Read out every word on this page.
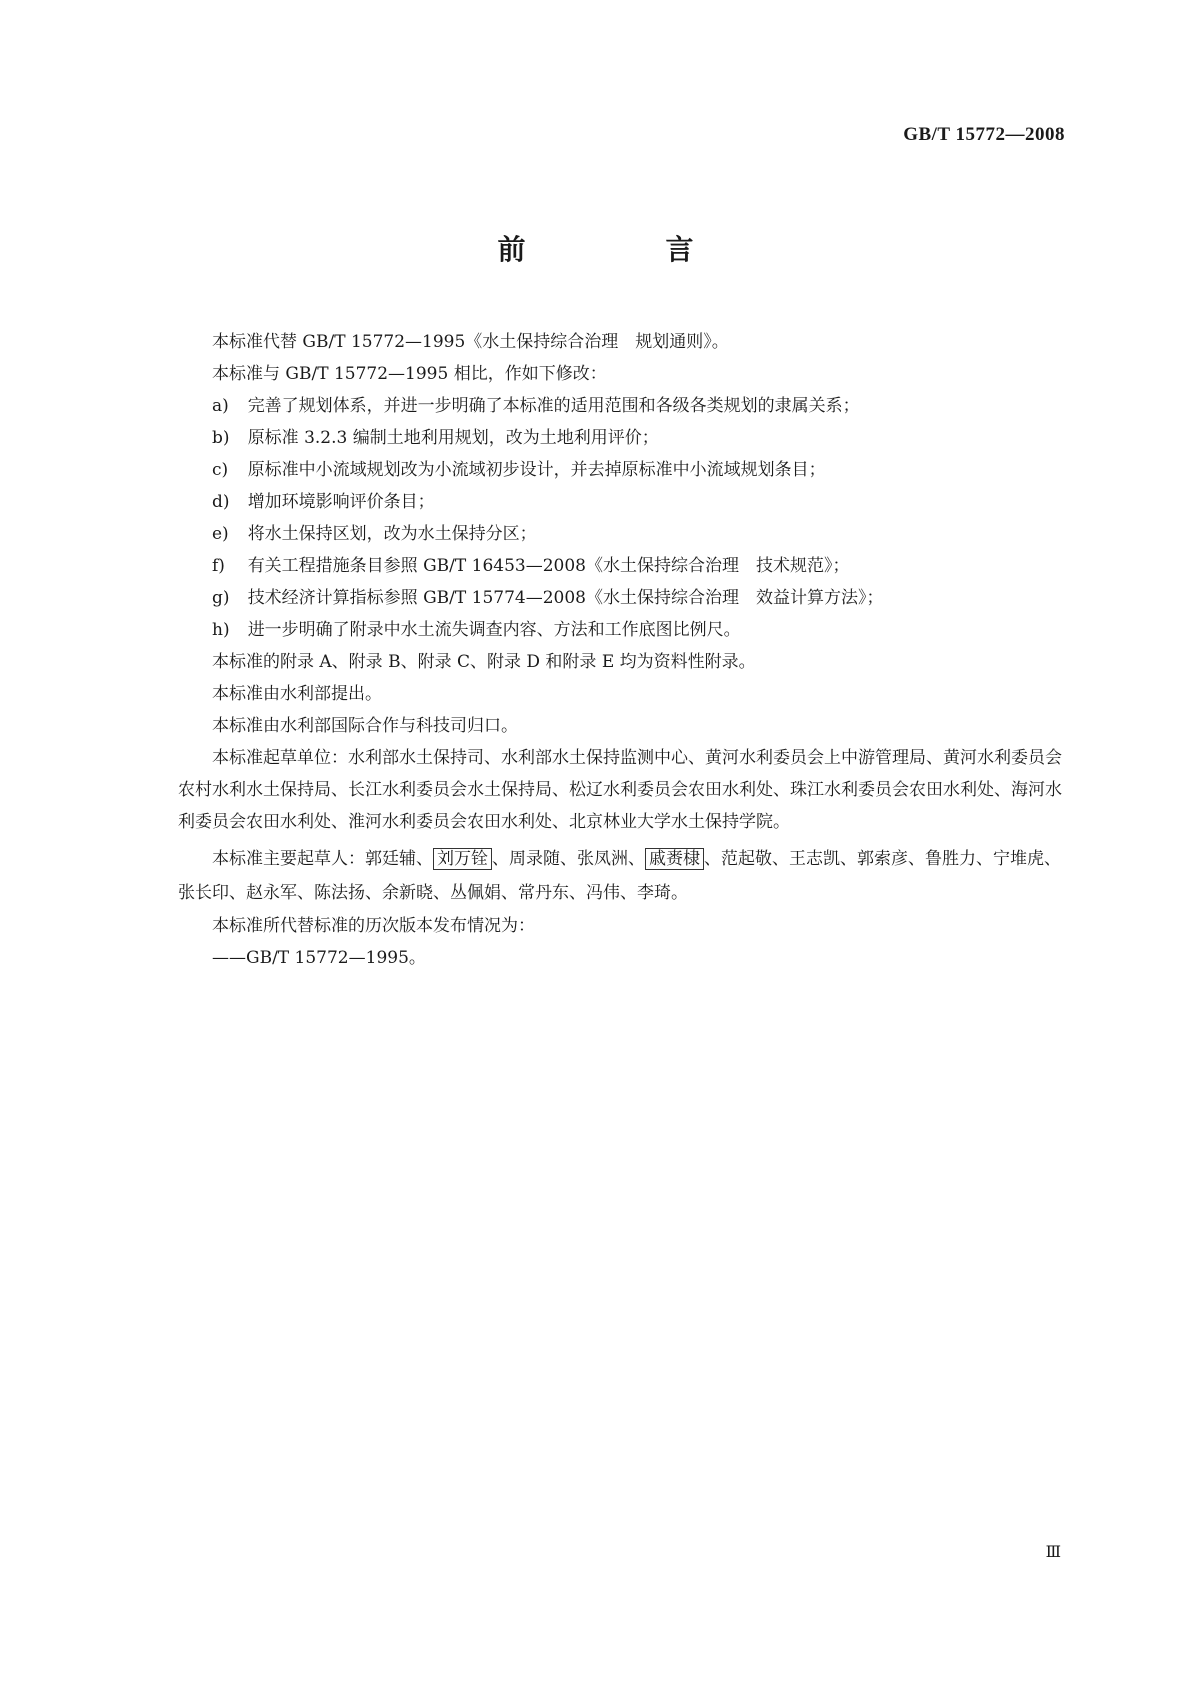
GB/T 15772—2008
前　言

本标准代替 GB/T 15772—1995《水土保持综合治理　规划通则》。

本标准与 GB/T 15772—1995 相比，作如下修改：

a) 完善了规划体系，并进一步明确了本标准的适用范围和各级各类规划的隶属关系；

b) 原标准 3.2.3 编制土地利用规划，改为土地利用评价；

c) 原标准中小流域规划改为小流域初步设计，并去掉原标准中小流域规划条目；

d) 增加环境影响评价条目；

e) 将水土保持区划，改为水土保持分区；

f) 有关工程措施条目参照 GB/T 16453—2008《水土保持综合治理　技术规范》；

g) 技术经济计算指标参照 GB/T 15774—2008《水土保持综合治理　效益计算方法》；

h) 进一步明确了附录中水土流失调查内容、方法和工作底图比例尺。

本标准的附录 A、附录 B、附录 C、附录 D 和附录 E 均为资料性附录。

本标准由水利部提出。

本标准由水利部国际合作与科技司归口。

本标准起草单位：水利部水土保持司、水利部水土保持监测中心、黄河水利委员会上中游管理局、黄河水利委员会农村水利水土保持局、长江水利委员会水土保持局、松辽水利委员会农田水利处、珠江水利委员会农田水利处、海河水利委员会农田水利处、淮河水利委员会农田水利处、北京林业大学水土保持学院。

本标准主要起草人：郭廷辅、 刘万铨 、周录随、张凤洲、 戚赉棣 、范起敬、王志凯、郭索彦、鲁胜力、宁堆虎、张长印、赵永军、陈法扬、余新晓、丛佩娟、常丹东、冯伟、李琦。

本标准所代替标准的历次版本发布情况为：

——GB/T 15772—1995。

Ⅲ
